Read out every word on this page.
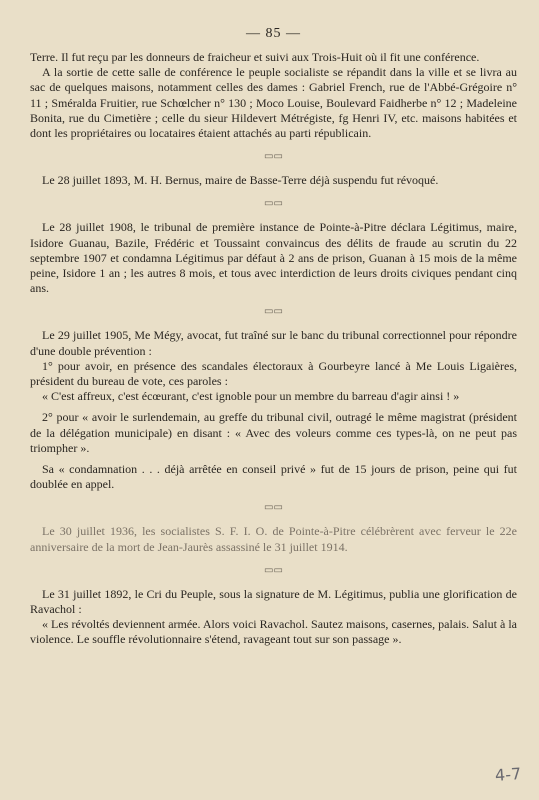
— 85 —

Terre. Il fut reçu par les donneurs de fraicheur et suivi aux Trois-Huit où il fit une conférence.

A la sortie de cette salle de conférence le peuple socialiste se répandit dans la ville et se livra au sac de quelques maisons, notamment celles des dames : Gabriel French, rue de l'Abbé-Grégoire n° 11 ; Sméralda Fruitier, rue Schœlcher n° 130 ; Moco Louise, Boulevard Faidherbe n° 12 ; Madeleine Bonita, rue du Cimetière ; celle du sieur Hildevert Métrégiste, fg Henri IV, etc. maisons habitées et dont les propriétaires ou locataires étaient attachés au parti républicain.

▭▭

Le 28 juillet 1893, M. H. Bernus, maire de Basse-Terre déjà suspendu fut révoqué.

▭▭

Le 28 juillet 1908, le tribunal de première instance de Pointe-à-Pitre déclara Légitimus, maire, Isidore Guanau, Bazile, Frédéric et Toussaint convaincus des délits de fraude au scrutin du 22 septembre 1907 et condamna Légitimus par défaut à 2 ans de prison, Guanan à 15 mois de la même peine, Isidore 1 an ; les autres 8 mois, et tous avec interdiction de leurs droits civiques pendant cinq ans.

▭▭

Le 29 juillet 1905, Me Mégy, avocat, fut traîné sur le banc du tribunal correctionnel pour répondre d'une double prévention :

1° pour avoir, en présence des scandales électoraux à Gourbeyre lancé à Me Louis Ligaières, président du bureau de vote, ces paroles :

« C'est affreux, c'est écœurant, c'est ignoble pour un membre du barreau d'agir ainsi ! »

2° pour « avoir le surlendemain, au greffe du tribunal civil, outragé le même magistrat (président de la délégation municipale) en disant : « Avec des voleurs comme ces types-là, on ne peut pas triompher ».

Sa « condamnation . . . déjà arrêtée en conseil privé » fut de 15 jours de prison, peine qui fut doublée en appel.

▭▭

Le 30 juillet 1936, les socialistes S. F. I. O. de Pointe-à-Pitre célébrèrent avec ferveur le 22e anniversaire de la mort de Jean-Jaurès assassiné le 31 juillet 1914.

▭▭

Le 31 juillet 1892, le Cri du Peuple, sous la signature de M. Légitimus, publia une glorification de Ravachol :

« Les révoltés deviennent armée. Alors voici Ravachol. Sautez maisons, casernes, palais. Salut à la violence. Le souffle révolutionnaire s'étend, ravageant tout sur son passage ».

4-7
